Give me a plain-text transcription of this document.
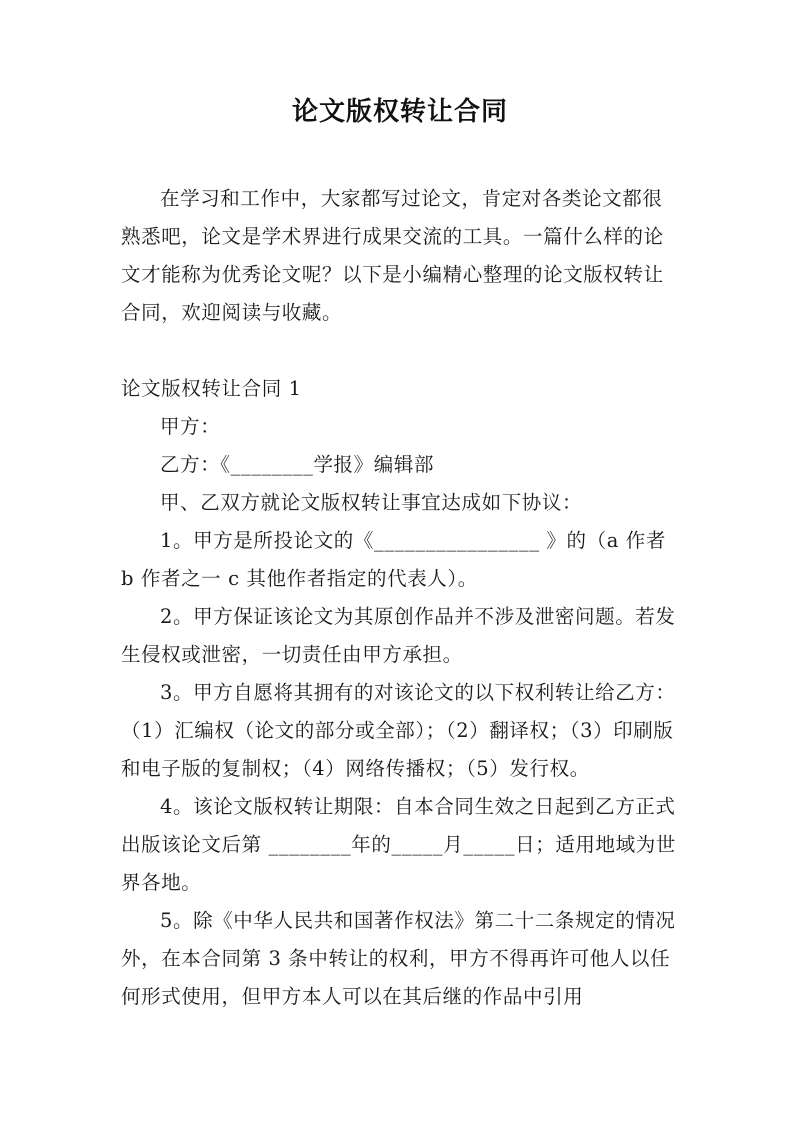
论文版权转让合同

在学习和工作中，大家都写过论文，肯定对各类论文都很熟悉吧，论文是学术界进行成果交流的工具。一篇什么样的论文才能称为优秀论文呢？以下是小编精心整理的论文版权转让合同，欢迎阅读与收藏。

论文版权转让合同 1

甲方：

乙方：《________学报》编辑部

甲、乙双方就论文版权转让事宜达成如下协议：

1。甲方是所投论文的《________________ 》的（a 作者 b 作者之一 c 其他作者指定的代表人）。

2。甲方保证该论文为其原创作品并不涉及泄密问题。若发生侵权或泄密，一切责任由甲方承担。

3。甲方自愿将其拥有的对该论文的以下权利转让给乙方：（1）汇编权（论文的部分或全部）；（2）翻译权；（3）印刷版和电子版的复制权；（4）网络传播权；（5）发行权。

4。该论文版权转让期限：自本合同生效之日起到乙方正式出版该论文后第 ________年的_____月_____日；适用地域为世界各地。

5。除《中华人民共和国著作权法》第二十二条规定的情况外，在本合同第 3 条中转让的权利，甲方不得再许可他人以任何形式使用，但甲方本人可以在其后继的作品中引用
